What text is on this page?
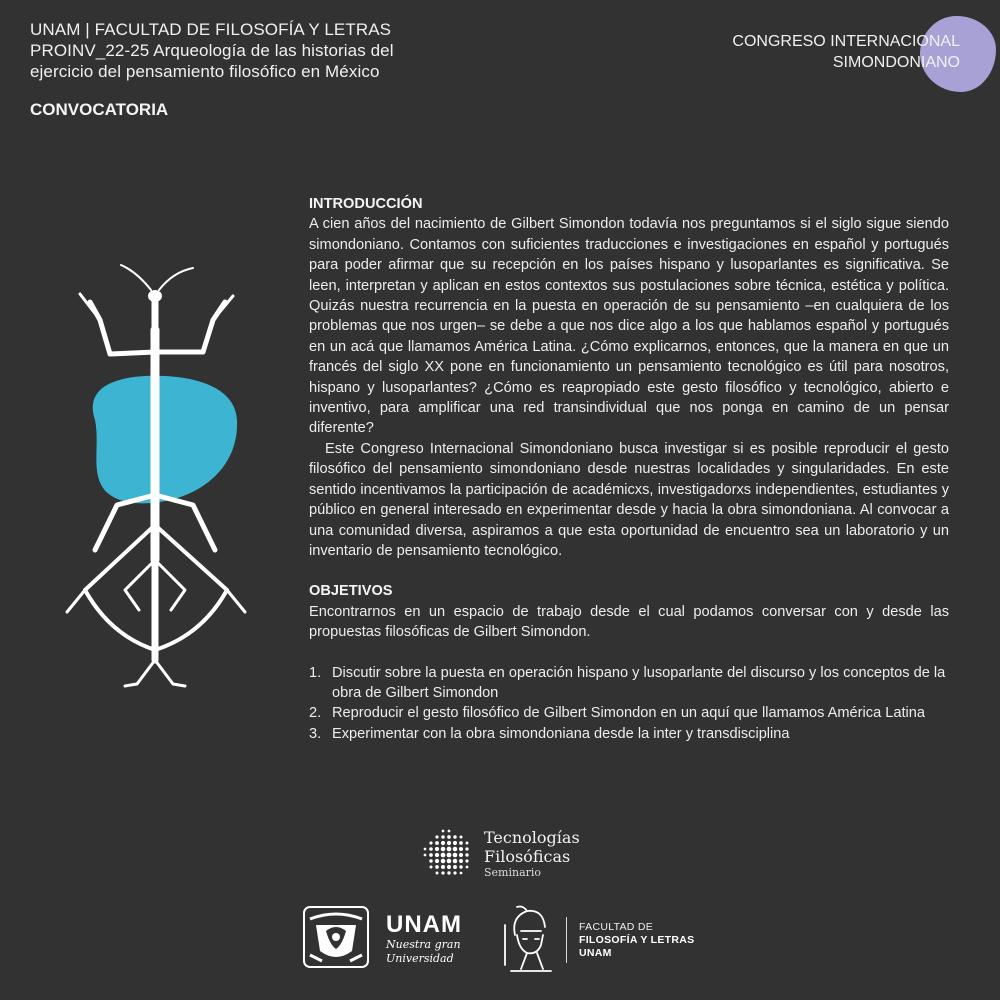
UNAM | FACULTAD DE FILOSOFÍA Y LETRAS
PROINV_22-25 Arqueología de las historias del
ejercicio del pensamiento filosófico en México
CONVOCATORIA
CONGRESO INTERNACIONAL
SIMONDONIANO
INTRODUCCIÓN

A cien años del nacimiento de Gilbert Simondon todavía nos preguntamos si el siglo sigue siendo simondoniano. Contamos con suficientes traducciones e investigaciones en español y portugués para poder afirmar que su recepción en los países hispano y lusoparlantes es significativa. Se leen, interpretan y aplican en estos contextos sus postulaciones sobre técnica, estética y política. Quizás nuestra recurrencia en la puesta en operación de su pensamiento –en cualquiera de los problemas que nos urgen– se debe a que nos dice algo a los que hablamos español y portugués en un acá que llamamos América Latina. ¿Cómo explicarnos, entonces, que la manera en que un francés del siglo XX pone en funcionamiento un pensamiento tecnológico es útil para nosotros, hispano y lusoparlantes? ¿Cómo es reapropiado este gesto filosófico y tecnológico, abierto e inventivo, para amplificar una red transindividual que nos ponga en camino de un pensar diferente?

Este Congreso Internacional Simondoniano busca investigar si es posible reproducir el gesto filosófico del pensamiento simondoniano desde nuestras localidades y singularidades. En este sentido incentivamos la participación de académicxs, investigadorxs independientes, estudiantes y público en general interesado en experimentar desde y hacia la obra simondoniana. Al convocar a una comunidad diversa, aspiramos a que esta oportunidad de encuentro sea un laboratorio y un inventario de pensamiento tecnológico.

OBJETIVOS

Encontrarnos en un espacio de trabajo desde el cual podamos conversar con y desde las propuestas filosóficas de Gilbert Simondon.

1. Discutir sobre la puesta en operación hispano y lusoparlante del discurso y los conceptos de la obra de Gilbert Simondon
2. Reproducir el gesto filosófico de Gilbert Simondon en un aquí que llamamos América Latina
3. Experimentar con la obra simondoniana desde la inter y transdisciplina
Tecnologías
Filosóficas
Seminario
UNAM
Nuestra gran
Universidad
FACULTAD DE
FILOSOFÍA Y LETRAS
UNAM
